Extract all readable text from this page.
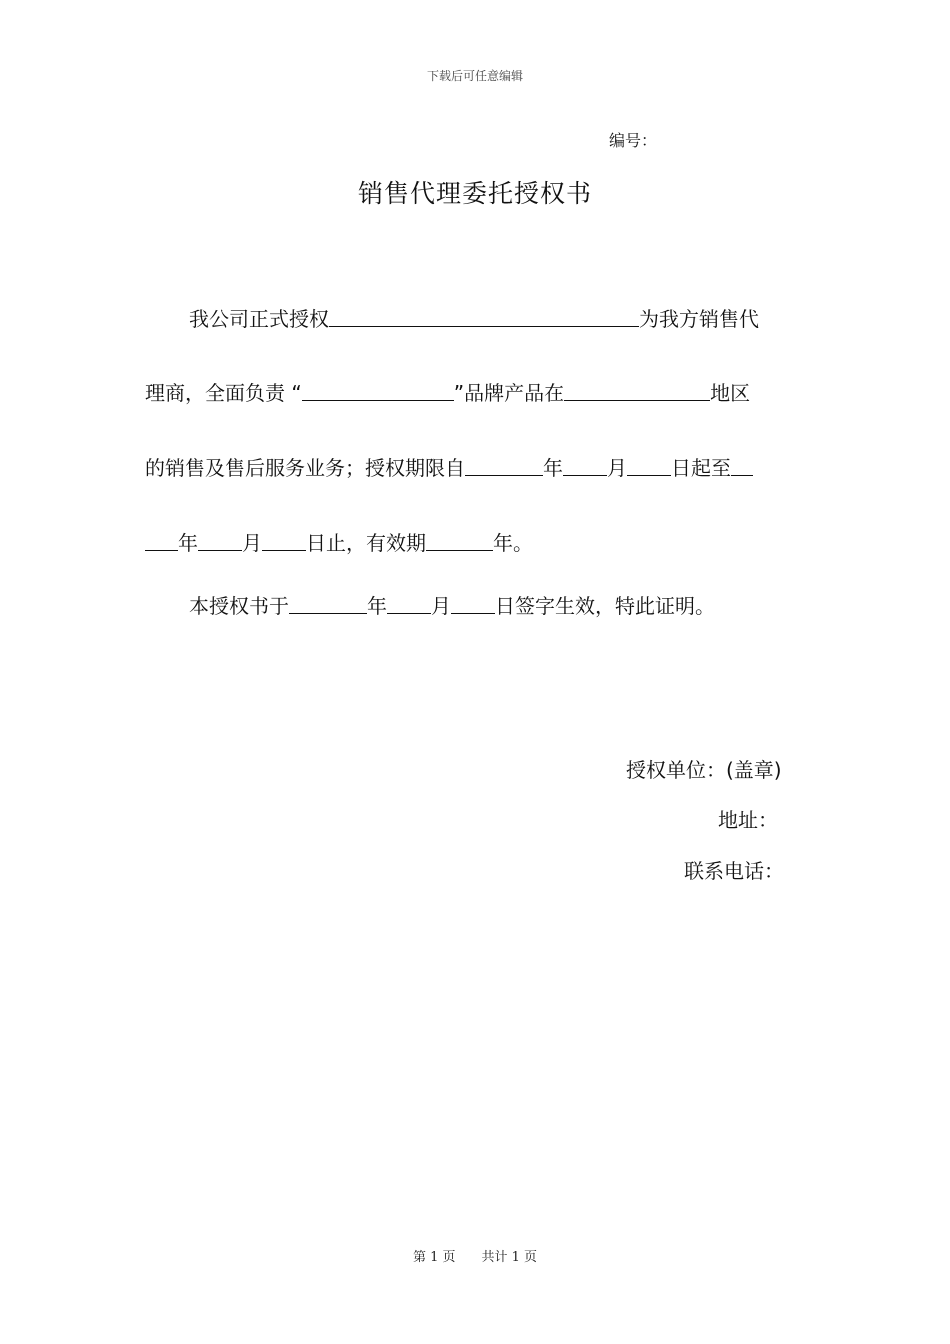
下载后可任意编辑
编号：
销售代理委托授权书
我公司正式授权	为我方销售代
理商，全面负责 “	”品牌产品在	地区
的销售及售后服务业务；授权期限自	年 月 日起至
年 月 日止，有效期	年。
本授权书于	年 月 日签字生效，特此证明。
授权单位：(盖章)
地址：
联系电话：
第 1 页 共计 1 页
